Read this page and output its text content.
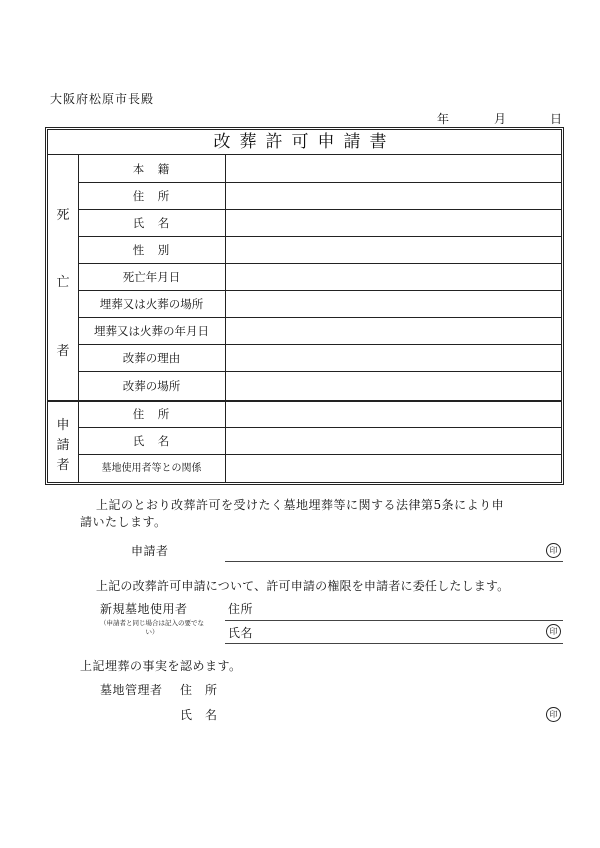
大阪府松原市長殿
年	月	日
改葬許可申請書
死
亡
者
本　籍
住　所
氏　名
性　別
死亡年月日
埋葬又は火葬の場所
埋葬又は火葬の年月日
改葬の理由
改葬の場所
申
請
者
住　所
氏　名
墓地使用者等との関係
上記のとおり改葬許可を受けたく墓地埋葬等に関する法律第5条により申
請いたします。
申請者	印
上記の改葬許可申請について、許可申請の権限を申請者に委任したします。
新規墓地使用者
（申請者と同じ場合は記入の要でな
い）
住所
氏名	印
上記埋葬の事実を認めます。
墓地管理者 住　所
氏　名	印
